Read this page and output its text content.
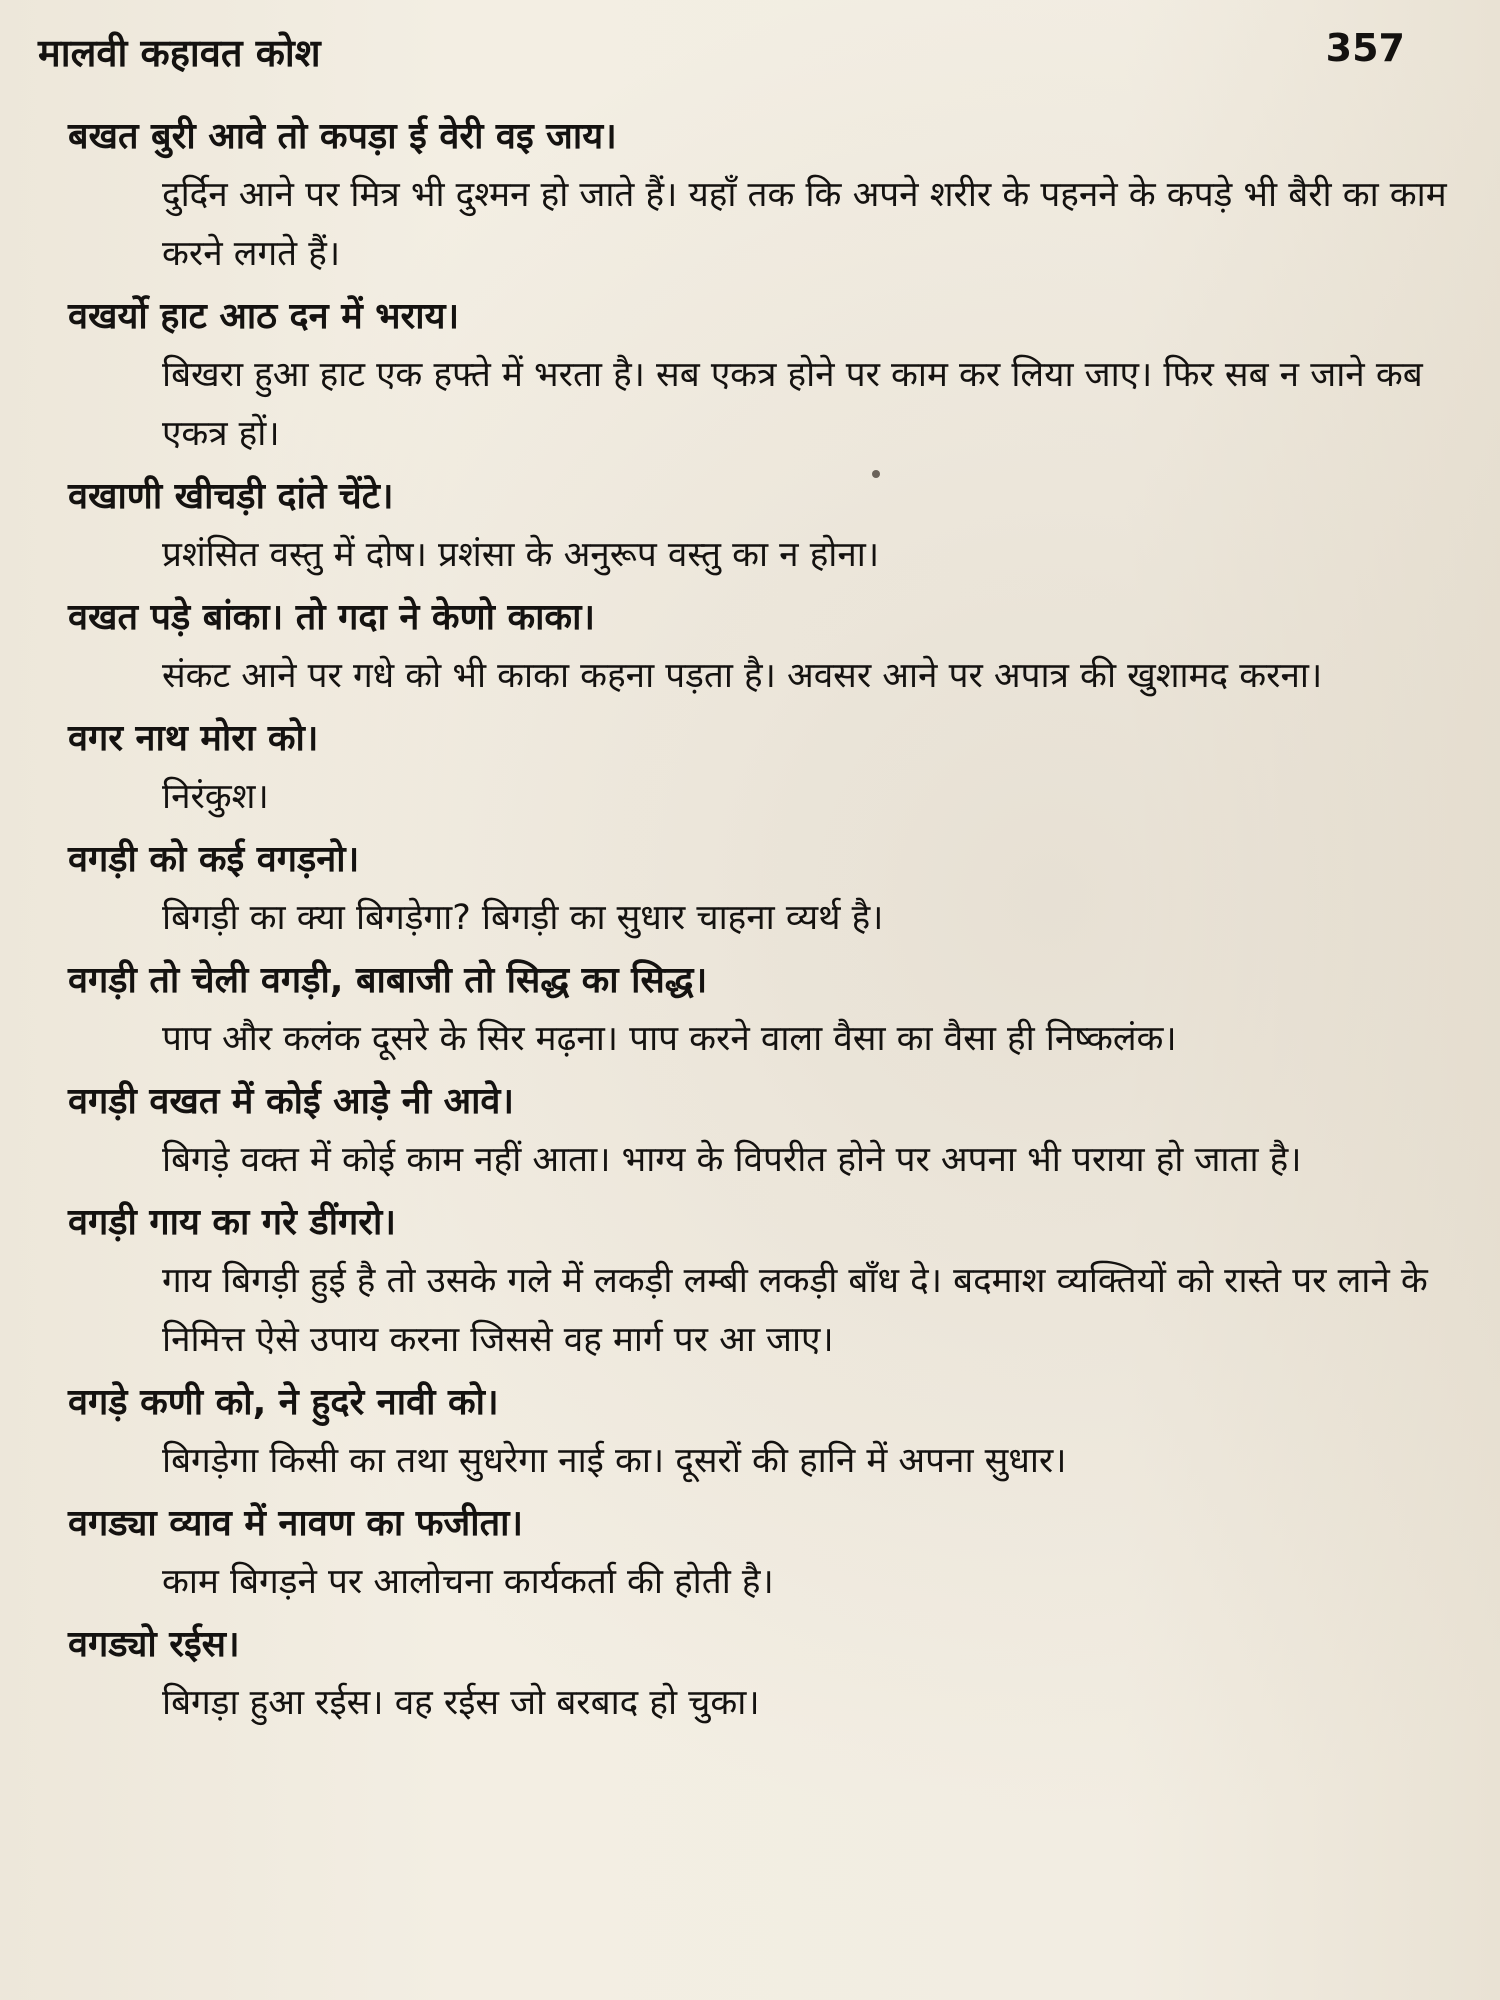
मालवी कहावत कोश	357

बखत बुरी आवे तो कपड़ा ई वेरी वइ जाय।

दुर्दिन आने पर मित्र भी दुश्मन हो जाते हैं। यहाँ तक कि अपने शरीर के पहनने के कपड़े भी बैरी का काम करने लगते हैं।

वखर्यो हाट आठ दन में भराय।

बिखरा हुआ हाट एक हफ्ते में भरता है। सब एकत्र होने पर काम कर लिया जाए। फिर सब न जाने कब एकत्र हों।

वखाणी खीचड़ी दांते चेंटे।

प्रशंसित वस्तु में दोष। प्रशंसा के अनुरूप वस्तु का न होना।

वखत पड़े बांका। तो गदा ने केणो काका।

संकट आने पर गधे को भी काका कहना पड़ता है। अवसर आने पर अपात्र की खुशामद करना।

वगर नाथ मोरा को।

निरंकुश।

वगड़ी को कई वगड़नो।

बिगड़ी का क्या बिगड़ेगा? बिगड़ी का सुधार चाहना व्यर्थ है।

वगड़ी तो चेली वगड़ी, बाबाजी तो सिद्ध का सिद्ध।

पाप और कलंक दूसरे के सिर मढ़ना। पाप करने वाला वैसा का वैसा ही निष्कलंक।

वगड़ी वखत में कोई आड़े नी आवे।

बिगड़े वक्त में कोई काम नहीं आता। भाग्य के विपरीत होने पर अपना भी पराया हो जाता है।

वगड़ी गाय का गरे डींगरो।

गाय बिगड़ी हुई है तो उसके गले में लकड़ी लम्बी लकड़ी बाँध दे। बदमाश व्यक्तियों को रास्ते पर लाने के निमित्त ऐसे उपाय करना जिससे वह मार्ग पर आ जाए।

वगड़े कणी को, ने हुदरे नावी को।

बिगड़ेगा किसी का तथा सुधरेगा नाई का। दूसरों की हानि में अपना सुधार।

वगड्या व्याव में नावण का फजीता।

काम बिगड़ने पर आलोचना कार्यकर्ता की होती है।

वगड्यो रईस।

बिगड़ा हुआ रईस। वह रईस जो बरबाद हो चुका।
